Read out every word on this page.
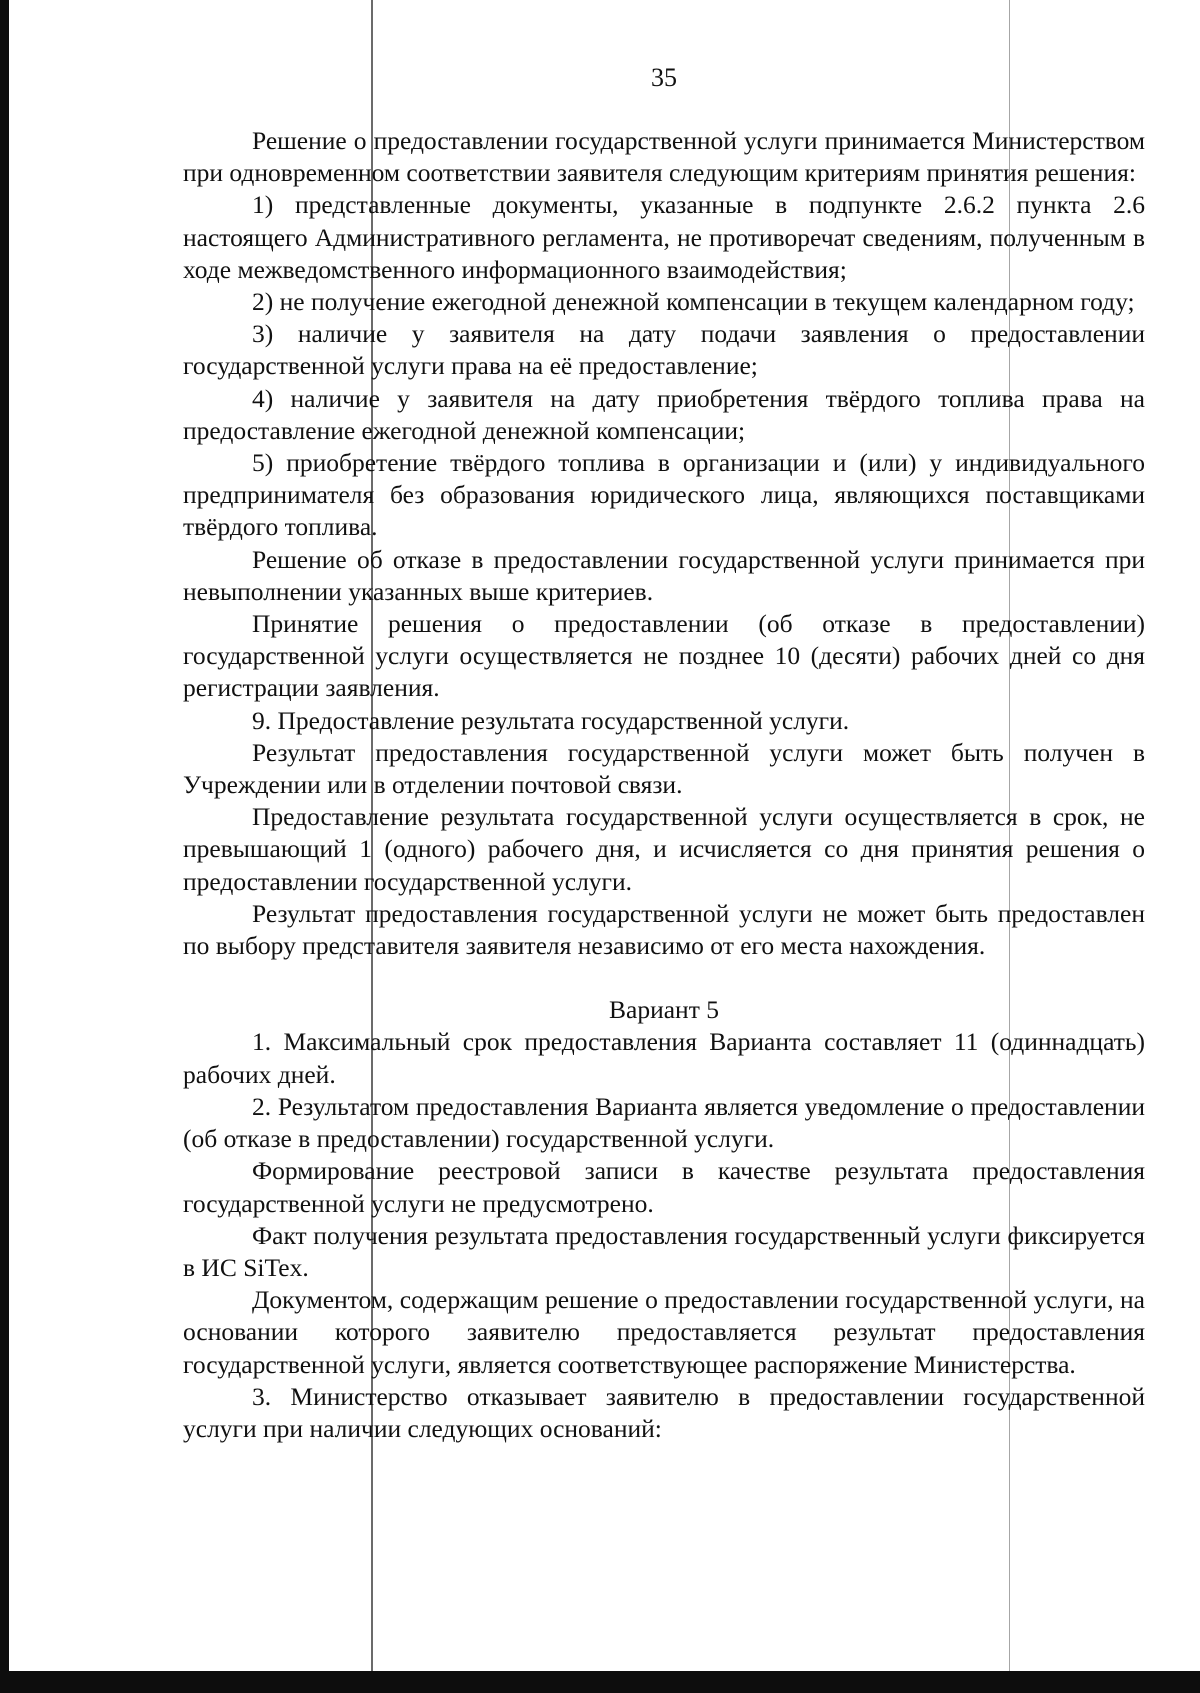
35

Решение о предоставлении государственной услуги принимается Министерством при одновременном соответствии заявителя следующим критериям принятия решения:

1) представленные документы, указанные в подпункте 2.6.2 пункта 2.6 настоящего Административного регламента, не противоречат сведениям, полученным в ходе межведомственного информационного взаимодействия;

2) не получение ежегодной денежной компенсации в текущем календарном году;

3) наличие у заявителя на дату подачи заявления о предоставлении государственной услуги права на её предоставление;

4) наличие у заявителя на дату приобретения твёрдого топлива права на предоставление ежегодной денежной компенсации;

5) приобретение твёрдого топлива в организации и (или) у индивидуального предпринимателя без образования юридического лица, являющихся поставщиками твёрдого топлива.

Решение об отказе в предоставлении государственной услуги принимается при невыполнении указанных выше критериев.

Принятие решения о предоставлении (об отказе в предоставлении) государственной услуги осуществляется не позднее 10 (десяти) рабочих дней со дня регистрации заявления.

9. Предоставление результата государственной услуги.

Результат предоставления государственной услуги может быть получен в Учреждении или в отделении почтовой связи.

Предоставление результата государственной услуги осуществляется в срок, не превышающий 1 (одного) рабочего дня, и исчисляется со дня принятия решения о предоставлении государственной услуги.

Результат предоставления государственной услуги не может быть предоставлен по выбору представителя заявителя независимо от его места нахождения.

Вариант 5

1. Максимальный срок предоставления Варианта составляет 11 (одиннадцать) рабочих дней.

2. Результатом предоставления Варианта является уведомление о предоставлении (об отказе в предоставлении) государственной услуги.

Формирование реестровой записи в качестве результата предоставления государственной услуги не предусмотрено.

Факт получения результата предоставления государственный услуги фиксируется в ИС SiTex.

Документом, содержащим решение о предоставлении государственной услуги, на основании которого заявителю предоставляется результат предоставления государственной услуги, является соответствующее распоряжение Министерства.

3. Министерство отказывает заявителю в предоставлении государственной услуги при наличии следующих оснований:
